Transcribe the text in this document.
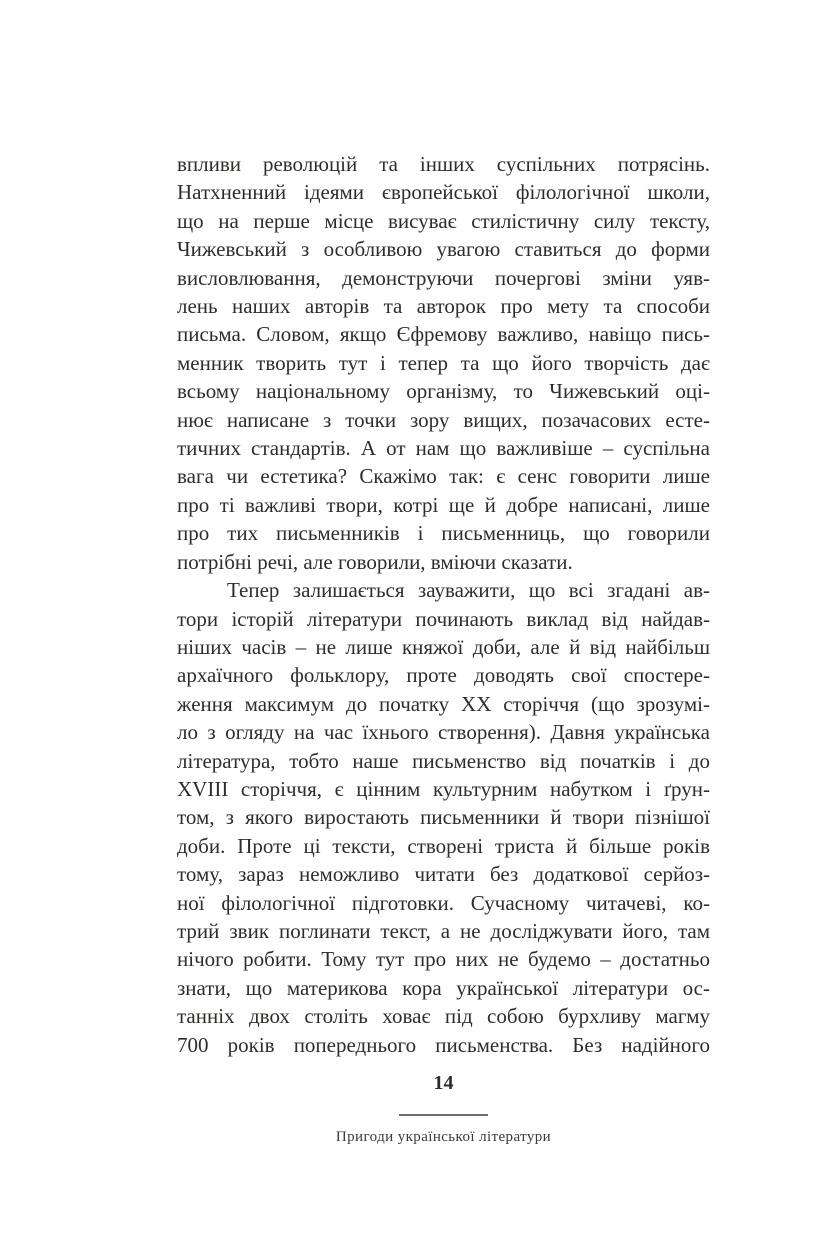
впливи революцій та інших суспільних потрясінь.
Натхненний ідеями європейської філологічної школи,
що на перше місце висуває стилістичну силу тексту,
Чижевський з особливою увагою ставиться до форми
висловлювання, демонструючи почергові зміни уяв-
лень наших авторів та авторок про мету та способи
письма. Словом, якщо Єфремову важливо, навіщо пись-
менник творить тут і тепер та що його творчість дає
всьому національному організму, то Чижевський оці-
нює написане з точки зору вищих, позачасових есте-
тичних стандартів. А от нам що важливіше – суспільна
вага чи естетика? Скажімо так: є сенс говорити лише
про ті важливі твори, котрі ще й добре написані, лише
про тих письменників і письменниць, що говорили
потрібні речі, але говорили, вміючи сказати.
Тепер залишається зауважити, що всі згадані ав-
тори історій літератури починають виклад від найдав-
ніших часів – не лише княжої доби, але й від найбільш
архаїчного фольклору, проте доводять свої спостере-
ження максимум до початку XX сторіччя (що зрозумі-
ло з огляду на час їхнього створення). Давня українська
література, тобто наше письменство від початків і до
XVIII сторіччя, є цінним культурним набутком і ґрун-
том, з якого виростають письменники й твори пізнішої
доби. Проте ці тексти, створені триста й більше років
тому, зараз неможливо читати без додаткової серйоз-
ної філологічної підготовки. Сучасному читачеві, ко-
трий звик поглинати текст, а не досліджувати його, там
нічого робити. Тому тут про них не будемо – достатньо
знати, що материкова кора української літератури ос-
танніх двох століть ховає під собою бурхливу магму
700 років попереднього письменства. Без надійного
14
Пригоди української літератури
